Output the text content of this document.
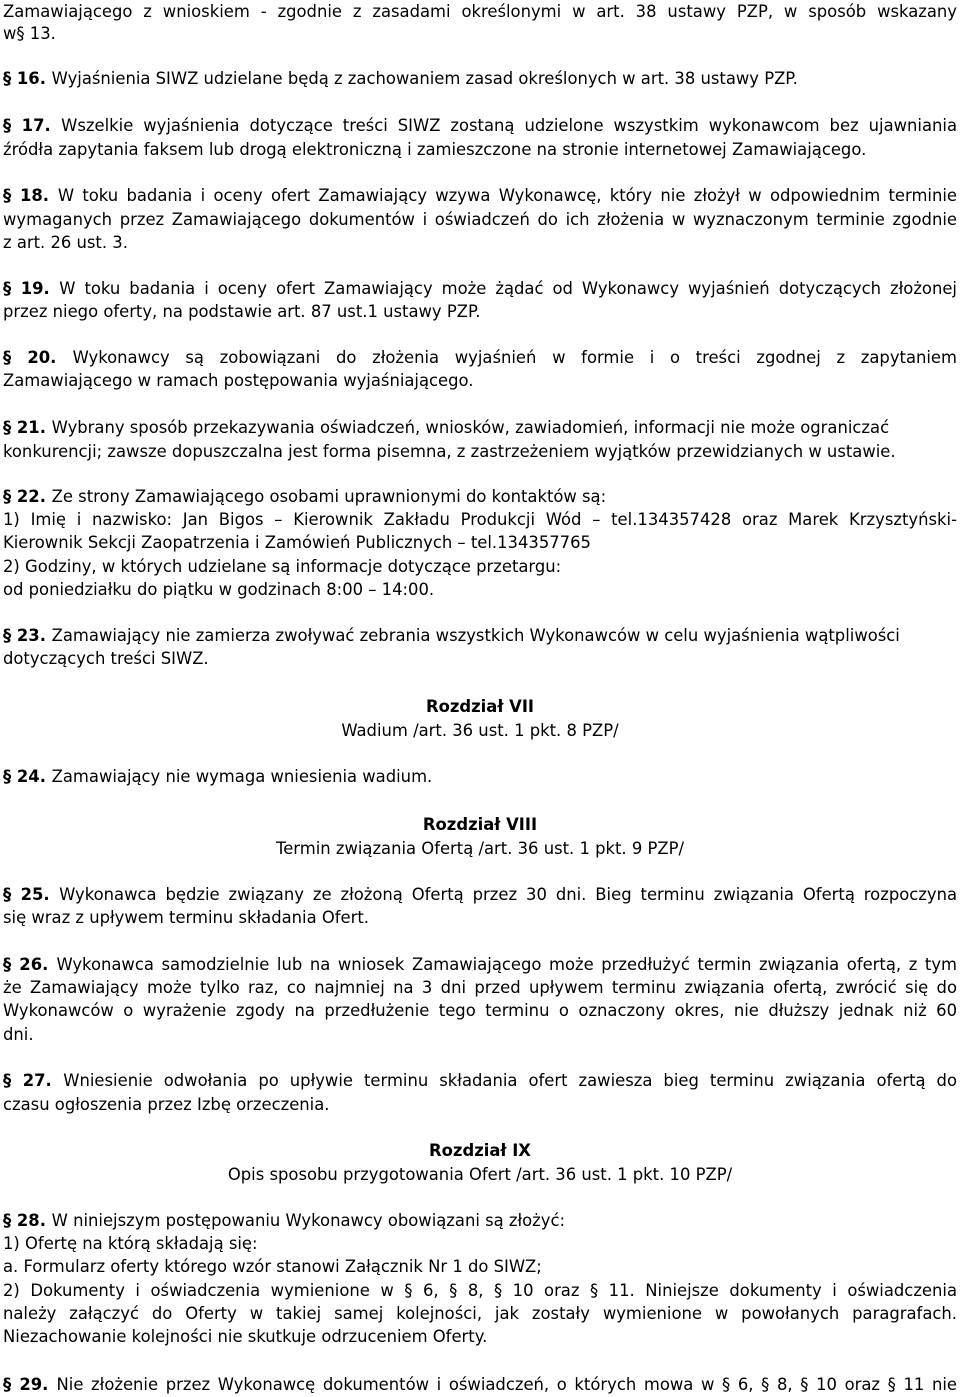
Zamawiającego z wnioskiem - zgodnie z zasadami określonymi w art. 38 ustawy PZP, w sposób wskazany
w§ 13.
§ 16. Wyjaśnienia SIWZ udzielane będą z zachowaniem zasad określonych w art. 38 ustawy PZP.
§ 17. Wszelkie wyjaśnienia dotyczące treści SIWZ zostaną udzielone wszystkim wykonawcom bez ujawniania
źródła zapytania faksem lub drogą elektroniczną i zamieszczone na stronie internetowej Zamawiającego.
§ 18. W toku badania i oceny ofert Zamawiający wzywa Wykonawcę, który nie złożył w odpowiednim terminie
wymaganych przez Zamawiającego dokumentów i oświadczeń do ich złożenia w wyznaczonym terminie zgodnie
z art. 26 ust. 3.
§ 19. W toku badania i oceny ofert Zamawiający może żądać od Wykonawcy wyjaśnień dotyczących złożonej
przez niego oferty, na podstawie art. 87 ust.1 ustawy PZP.
§ 20. Wykonawcy są zobowiązani do złożenia wyjaśnień w formie i o treści zgodnej z zapytaniem
Zamawiającego w ramach postępowania wyjaśniającego.
§ 21. Wybrany sposób przekazywania oświadczeń, wniosków, zawiadomień, informacji nie może ograniczać
konkurencji; zawsze dopuszczalna jest forma pisemna, z zastrzeżeniem wyjątków przewidzianych w ustawie.
§ 22. Ze strony Zamawiającego osobami uprawnionymi do kontaktów są:
1) Imię i nazwisko: Jan Bigos – Kierownik Zakładu Produkcji Wód – tel.134357428 oraz Marek Krzysztyński-
Kierownik Sekcji Zaopatrzenia i Zamówień Publicznych – tel.134357765
2) Godziny, w których udzielane są informacje dotyczące przetargu:
od poniedziałku do piątku w godzinach 8:00 – 14:00.
§ 23. Zamawiający nie zamierza zwoływać zebrania wszystkich Wykonawców w celu wyjaśnienia wątpliwości
dotyczących treści SIWZ.
Rozdział VII
Wadium /art. 36 ust. 1 pkt. 8 PZP/
§ 24. Zamawiający nie wymaga wniesienia wadium.
Rozdział VIII
Termin związania Ofertą /art. 36 ust. 1 pkt. 9 PZP/
§ 25. Wykonawca będzie związany ze złożoną Ofertą przez 30 dni. Bieg terminu związania Ofertą rozpoczyna
się wraz z upływem terminu składania Ofert.
§ 26. Wykonawca samodzielnie lub na wniosek Zamawiającego może przedłużyć termin związania ofertą, z tym
że Zamawiający może tylko raz, co najmniej na 3 dni przed upływem terminu związania ofertą, zwrócić się do
Wykonawców o wyrażenie zgody na przedłużenie tego terminu o oznaczony okres, nie dłuższy jednak niż 60
dni.
§ 27. Wniesienie odwołania po upływie terminu składania ofert zawiesza bieg terminu związania ofertą do
czasu ogłoszenia przez Izbę orzeczenia.
Rozdział IX
Opis sposobu przygotowania Ofert /art. 36 ust. 1 pkt. 10 PZP/
§ 28. W niniejszym postępowaniu Wykonawcy obowiązani są złożyć:
1) Ofertę na którą składają się:
a. Formularz oferty którego wzór stanowi Załącznik Nr 1 do SIWZ;
2) Dokumenty i oświadczenia wymienione w § 6, § 8, § 10 oraz § 11. Niniejsze dokumenty i oświadczenia
należy załączyć do Oferty w takiej samej kolejności, jak zostały wymienione w powołanych paragrafach.
Niezachowanie kolejności nie skutkuje odrzuceniem Oferty.
§ 29. Nie złożenie przez Wykonawcę dokumentów i oświadczeń, o których mowa w § 6, § 8, § 10 oraz § 11 nie
